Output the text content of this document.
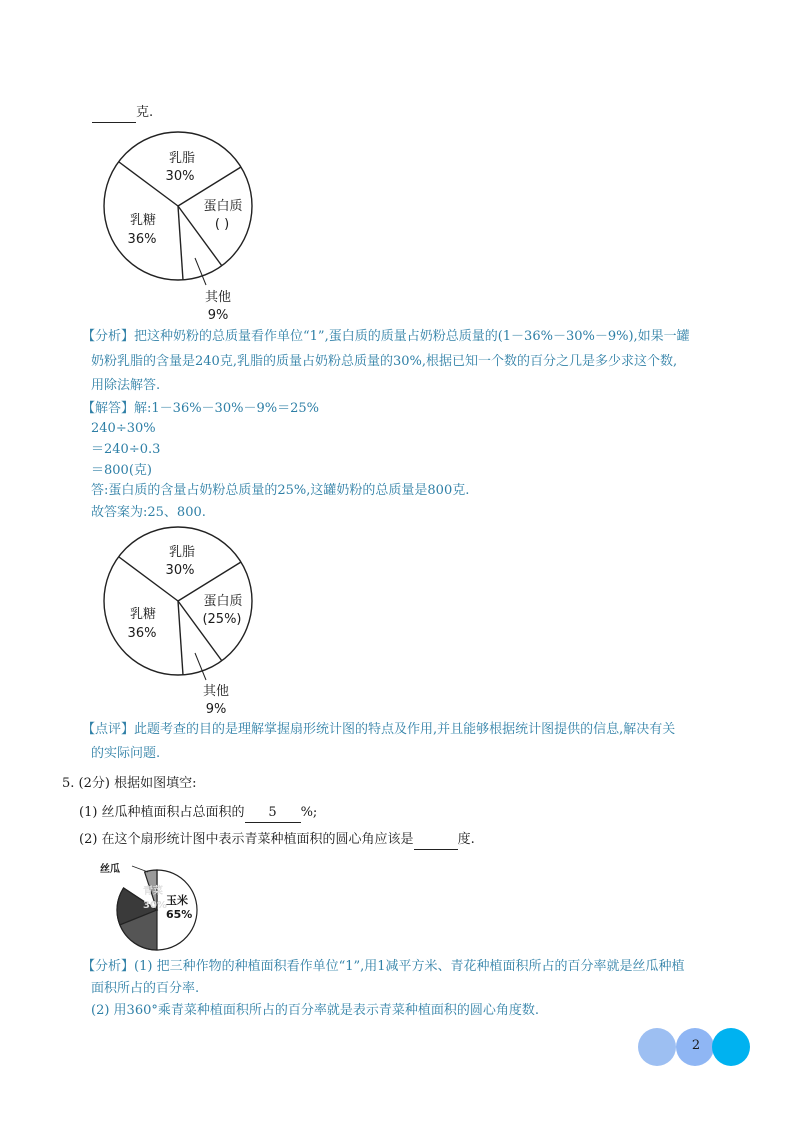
克.
乳脂
30%
蛋白质
( )
乳糖
36%
其他
9%
【分析】把这种奶粉的总质量看作单位“1”,蛋白质的质量占奶粉总质量的(1－36%－30%－9%),如果一罐
奶粉乳脂的含量是240克,乳脂的质量占奶粉总质量的30%,根据已知一个数的百分之几是多少求这个数,
用除法解答.
【解答】解:1－36%－30%－9%＝25%
240÷30%
＝240÷0.3
＝800(克)
答:蛋白质的含量占奶粉总质量的25%,这罐奶粉的总质量是800克.
故答案为:25、800.
乳脂
30%
蛋白质
(25%)
乳糖
36%
其他
9%
【点评】此题考查的目的是理解掌握扇形统计图的特点及作用,并且能够根据统计图提供的信息,解决有关
的实际问题.
5. (2分) 根据如图填空:
(1) 丝瓜种植面积占总面积的 5 %;
(2) 在这个扇形统计图中表示青菜种植面积的圆心角应该是	度.
丝瓜
青菜
30% 玉米
65%
【分析】(1) 把三种作物的种植面积看作单位“1”,用1减平方米、青花种植面积所占的百分率就是丝瓜种植
面积所占的百分率.
(2) 用360°乘青菜种植面积所占的百分率就是表示青菜种植面积的圆心角度数.
2
